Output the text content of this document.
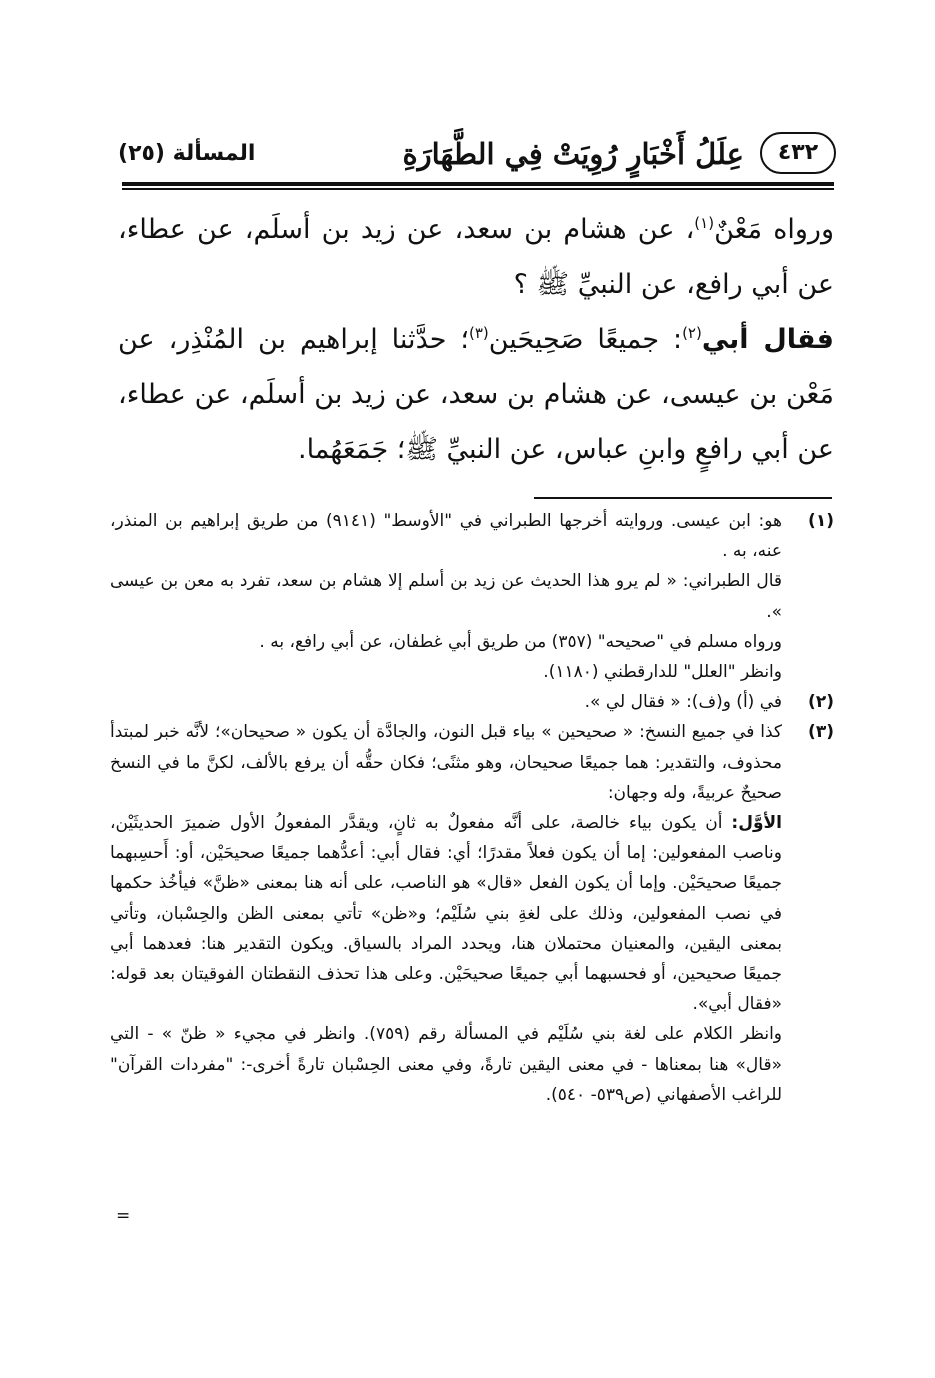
٤٣٢
عِلَلُ أَخْبَارٍ رُوِيَتْ فِي الطَّهَارَةِ
المسألة (٢٥)

ورواه مَعْنٌ$^{(١)}$، عن هشام بن سعد، عن زيد بن أسلَم، عن عطاء، عن أبي رافع، عن النبيِّ ﷺ ؟

فقال أبي$^{(٢)}$: جميعًا صَحِيحَين$^{(٣)}$؛ حدَّثنا إبراهيم بن المُنْذِر، عن مَعْن بن عيسى، عن هشام بن سعد، عن زيد بن أسلَم، عن عطاء، عن أبي رافعٍ وابنِ عباس، عن النبيِّ ﷺ؛ جَمَعَهُما.

(١)

هو: ابن عيسى. وروايته أخرجها الطبراني في "الأوسط" (٩١٤١) من طريق إبراهيم بن المنذر، عنه، به .

قال الطبراني: « لم يرو هذا الحديث عن زيد بن أسلم إلا هشام بن سعد، تفرد به معن بن عيسى ».

ورواه مسلم في "صحيحه" (٣٥٧) من طريق أبي غطفان، عن أبي رافع، به .

وانظر "العلل" للدارقطني (١١٨٠).

(٢)

في (أ) و(ف): « فقال لي ».

(٣)

كذا في جميع النسخ: « صحيحين » بياء قبل النون، والجادَّة أن يكون « صحيحان»؛ لأنَّه خبر لمبتدأ محذوف، والتقدير: هما جميعًا صحيحان، وهو مثنًى؛ فكان حقُّه أن يرفع بالألف، لكنَّ ما في النسخ صحيحٌ عربيةً، وله وجهان:

الأوَّل: أن يكون بياء خالصة، على أنَّه مفعولٌ به ثانٍ، ويقدَّر المفعولُ الأول ضميرَ الحديثَيْن، وناصب المفعولين: إما أن يكون فعلاً مقدرًا؛ أي: فقال أبي: أعدُّهما جميعًا صحيحَيْن، أو: أَحسِبهما جميعًا صحيحَيْن. وإما أن يكون الفعل «قال» هو الناصب، على أنه هنا بمعنى «ظنَّ» فيأخُذ حكمها في نصب المفعولين، وذلك على لغةِ بني سُلَيْم؛ و«ظن» تأتي بمعنى الظن والحِسْبان، وتأتي بمعنى اليقين، والمعنيان محتملان هنا، ويحدد المراد بالسياق. ويكون التقدير هنا: فعدهما أبي جميعًا صحيحين، أو فحسبهما أبي جميعًا صحيحَيْن. وعلى هذا تحذف النقطتان الفوقيتان بعد قوله: «فقال أبي».

وانظر الكلام على لغة بني سُلَيْم في المسألة رقم (٧٥٩). وانظر في مجيء « ظنّ » - التي «قال» هنا بمعناها - في معنى اليقين تارةً، وفي معنى الحِسْبان تارةً أخرى-: "مفردات القرآن" للراغب الأصفهاني (ص٥٣٩- ٥٤٠).

=
